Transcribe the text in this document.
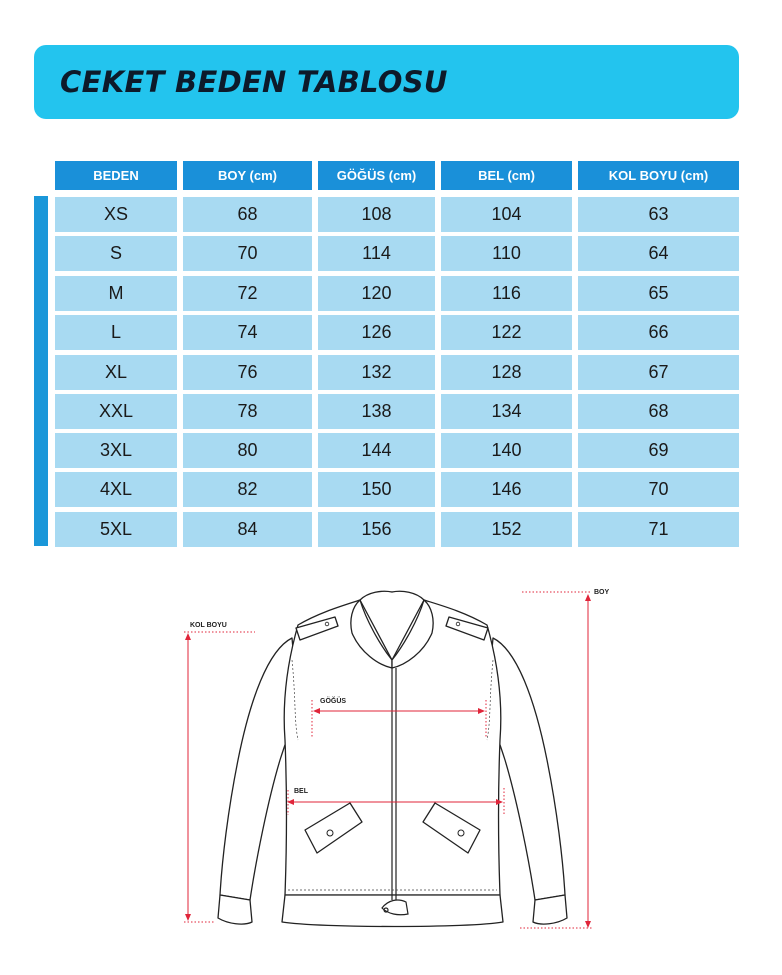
CEKET BEDEN TABLOSU
BEDEN	BOY (cm)	GÖĞÜS (cm)	BEL (cm)	KOL BOYU (cm)
XS	68	108	104	63
S	70	114	110	64
M	72	120	116	65
L	74	126	122	66
XL	76	132	128	67
XXL	78	138	134	68
3XL	80	144	140	69
4XL	82	150	146	70
5XL	84	156	152	71
BOY
KOL BOYU
GÖĞÜS
BEL
